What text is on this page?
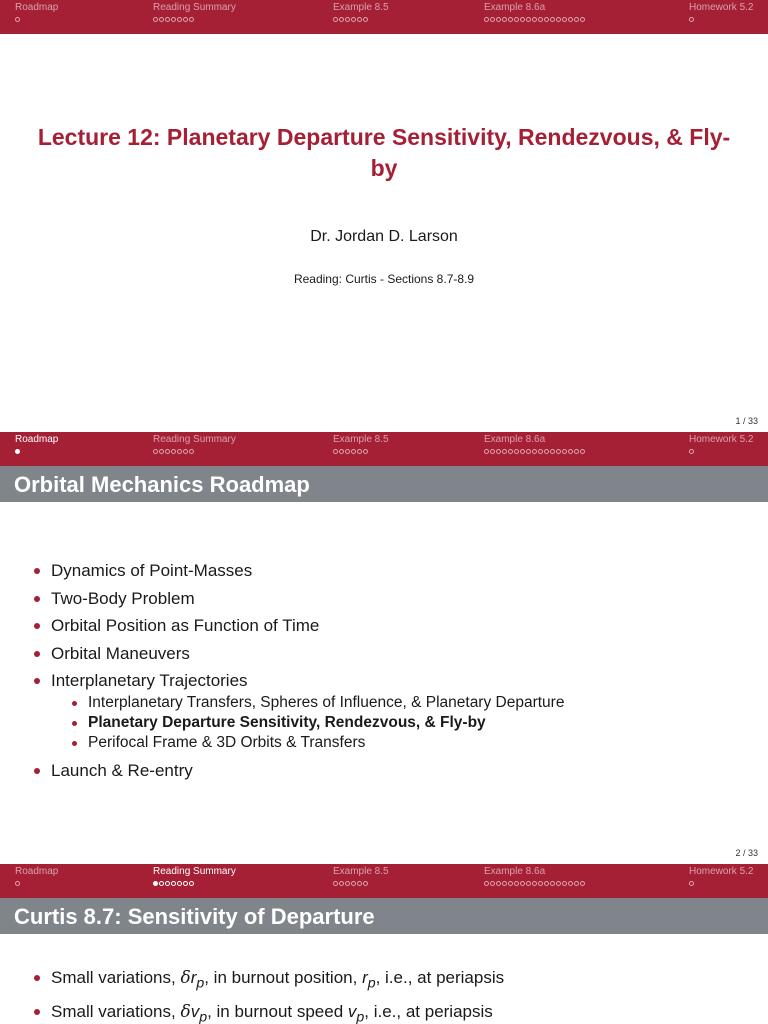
Roadmap	Reading Summary	Example 8.5	Example 8.6a	Homework 5.2
Lecture 12: Planetary Departure Sensitivity, Rendezvous, & Fly-by
Dr. Jordan D. Larson
Reading: Curtis - Sections 8.7-8.9
1 / 33
Roadmap	Reading Summary	Example 8.5	Example 8.6a	Homework 5.2
Orbital Mechanics Roadmap
Dynamics of Point-Masses
Two-Body Problem
Orbital Position as Function of Time
Orbital Maneuvers
Interplanetary Trajectories
Interplanetary Transfers, Spheres of Influence, & Planetary Departure
Planetary Departure Sensitivity, Rendezvous, & Fly-by
Perifocal Frame & 3D Orbits & Transfers
Launch & Re-entry
2 / 33
Roadmap	Reading Summary	Example 8.5	Example 8.6a	Homework 5.2
Curtis 8.7: Sensitivity of Departure
Small variations, $\delta r_p$, in burnout position, $r_p$, i.e., at periapsis
Small variations, $\delta v_p$, in burnout speed $v_p$, i.e., at periapsis
